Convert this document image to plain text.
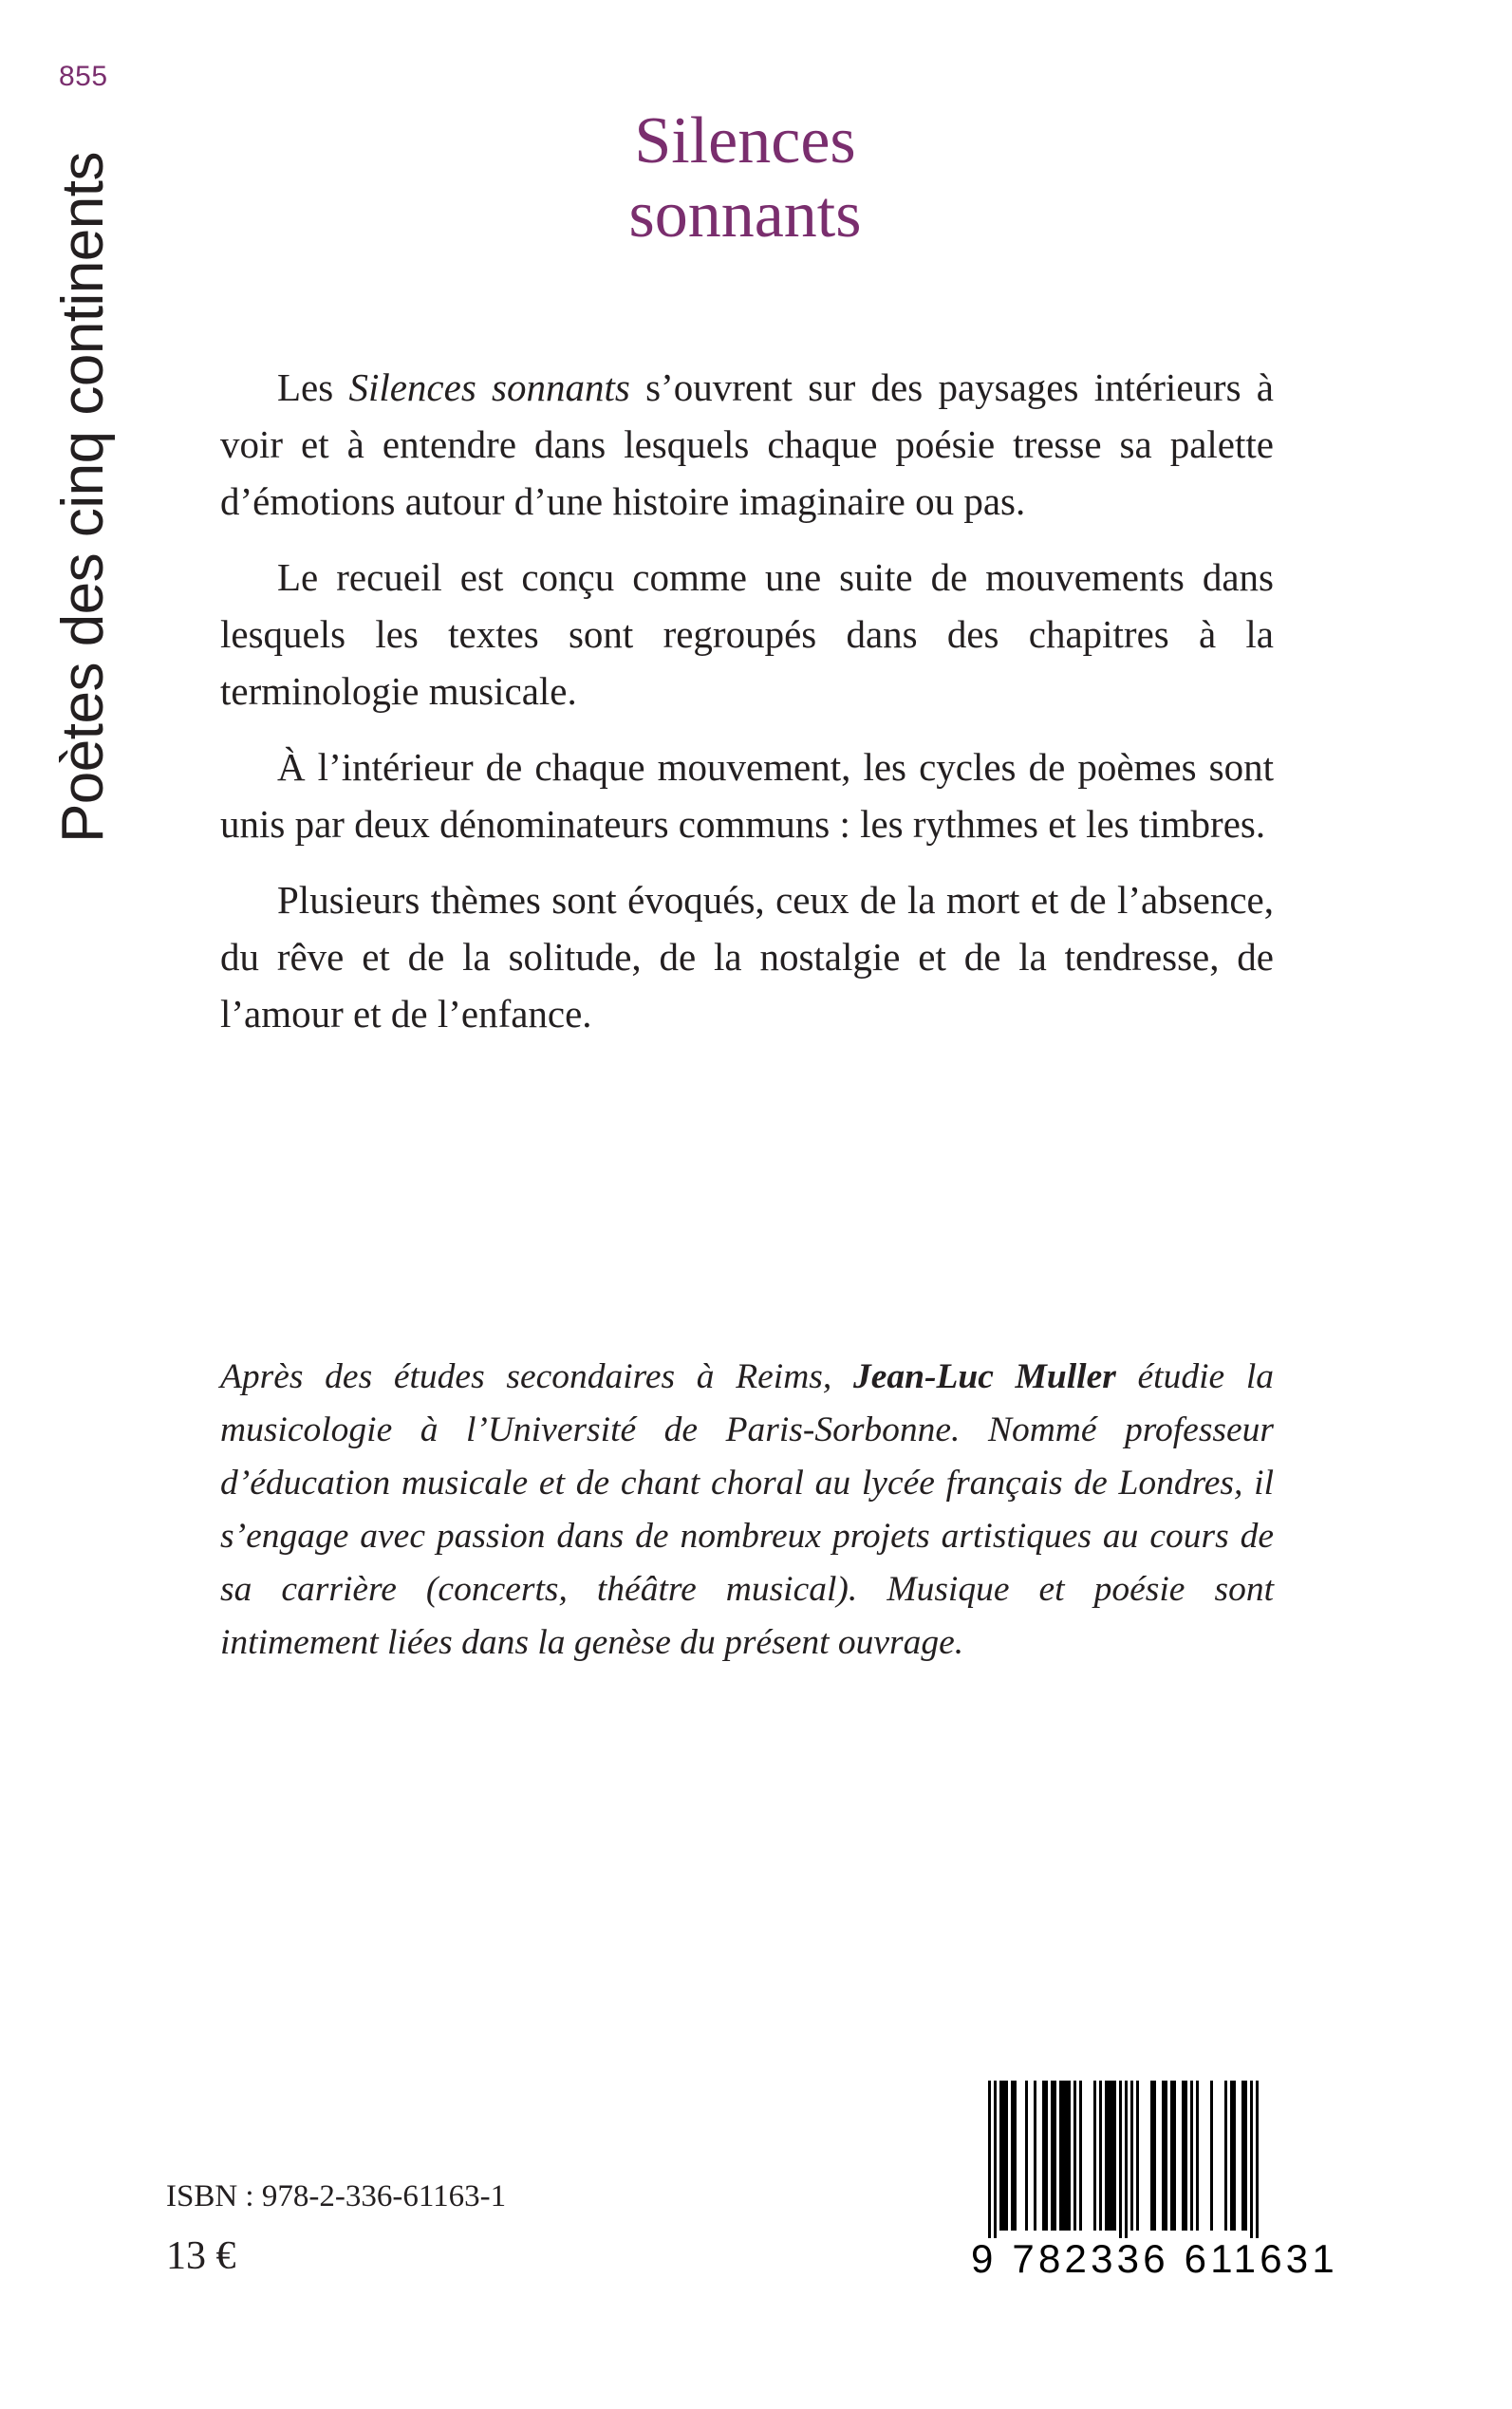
855
Poètes des cinq continents
Silences
sonnants

Les Silences sonnants s’ouvrent sur des paysages intérieurs à voir et à entendre dans lesquels chaque poésie tresse sa palette d’émotions autour d’une histoire imaginaire ou pas.

Le recueil est conçu comme une suite de mouvements dans lesquels les textes sont regroupés dans des chapitres à la terminologie musicale.

À l’intérieur de chaque mouvement, les cycles de poèmes sont unis par deux dénominateurs communs : les rythmes et les timbres.

Plusieurs thèmes sont évoqués, ceux de la mort et de l’absence, du rêve et de la solitude, de la nostalgie et de la tendresse, de l’amour et de l’enfance.

Après des études secondaires à Reims, Jean-Luc Muller étudie la musicologie à l’Université de Paris-Sorbonne. Nommé professeur d’éducation musicale et de chant choral au lycée français de Londres, il s’engage avec passion dans de nombreux projets artistiques au cours de sa carrière (concerts, théâtre musical). Musique et poésie sont intimement liées dans la genèse du présent ouvrage.

ISBN : 978-2-336-61163-1
13 €	9 782336 611631
